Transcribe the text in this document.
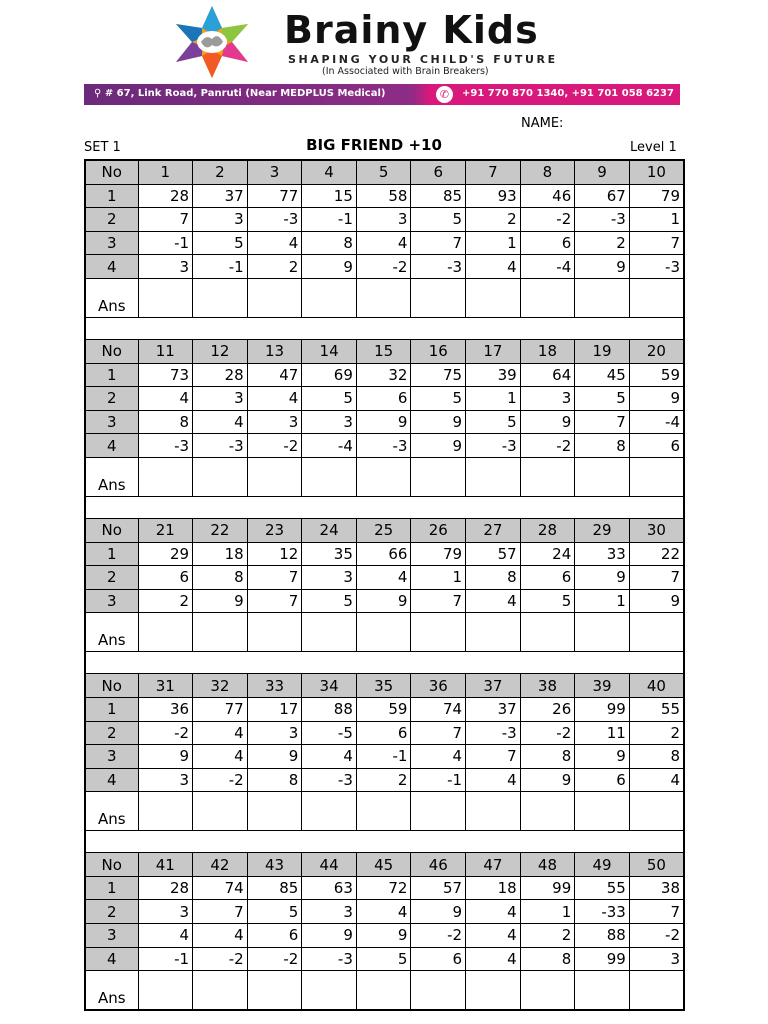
Brainy Kids
SHAPING YOUR CHILD'S FUTURE
(In Associated with Brain Breakers)
⚲ # 67, Link Road, Panruti (Near MEDPLUS Medical)	✆	+91 770 870 1340, +91 701 058 6237
NAME:
SET 1	BIG FRIEND +10	Level 1
No	1	2	3	4	5	6	7	8	9	10
1	28	37	77	15	58	85	93	46	67	79
2	7	3	-3	-1	3	5	2	-2	-3	1
3	-1	5	4	8	4	7	1	6	2	7
4	3	-1	2	9	-2	-3	4	-4	9	-3
Ans										

No	11	12	13	14	15	16	17	18	19	20
1	73	28	47	69	32	75	39	64	45	59
2	4	3	4	5	6	5	1	3	5	9
3	8	4	3	3	9	9	5	9	7	-4
4	-3	-3	-2	-4	-3	9	-3	-2	8	6
Ans										

No	21	22	23	24	25	26	27	28	29	30
1	29	18	12	35	66	79	57	24	33	22
2	6	8	7	3	4	1	8	6	9	7
3	2	9	7	5	9	7	4	5	1	9
Ans										

No	31	32	33	34	35	36	37	38	39	40
1	36	77	17	88	59	74	37	26	99	55
2	-2	4	3	-5	6	7	-3	-2	11	2
3	9	4	9	4	-1	4	7	8	9	8
4	3	-2	8	-3	2	-1	4	9	6	4
Ans										

No	41	42	43	44	45	46	47	48	49	50
1	28	74	85	63	72	57	18	99	55	38
2	3	7	5	3	4	9	4	1	-33	7
3	4	4	6	9	9	-2	4	2	88	-2
4	-1	-2	-2	-3	5	6	4	8	99	3
Ans										
